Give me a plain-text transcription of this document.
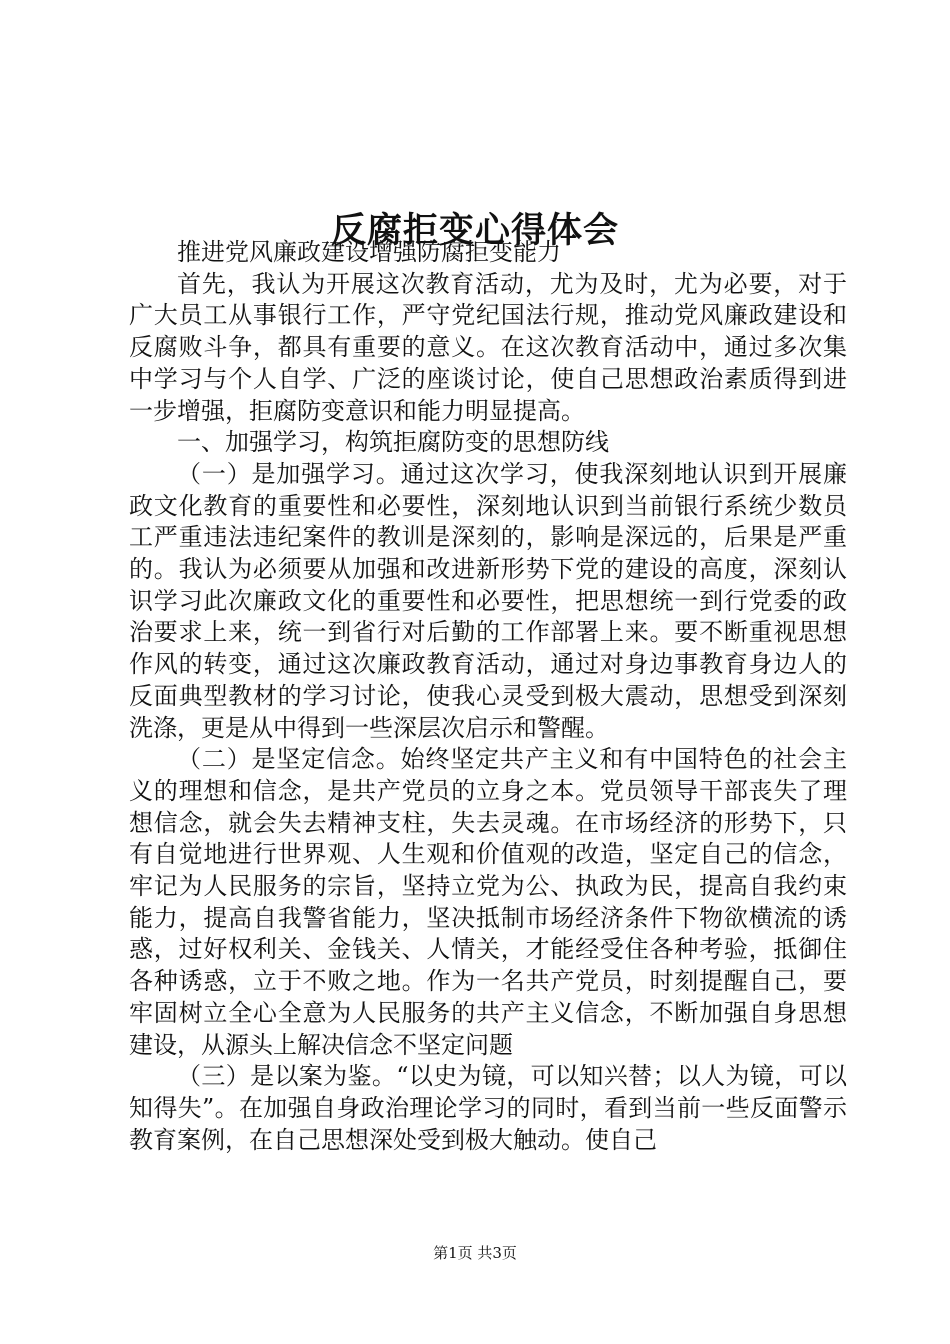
反腐拒变心得体会

推进党风廉政建设增强防腐拒变能力

首先，我认为开展这次教育活动，尤为及时，尤为必要，对于广大员工从事银行工作，严守党纪国法行规，推动党风廉政建设和反腐败斗争，都具有重要的意义。在这次教育活动中，通过多次集中学习与个人自学、广泛的座谈讨论，使自己思想政治素质得到进一步增强，拒腐防变意识和能力明显提高。

一、加强学习，构筑拒腐防变的思想防线

（一）是加强学习。通过这次学习，使我深刻地认识到开展廉政文化教育的重要性和必要性，深刻地认识到当前银行系统少数员工严重违法违纪案件的教训是深刻的，影响是深远的，后果是严重的。我认为必须要从加强和改进新形势下党的建设的高度，深刻认识学习此次廉政文化的重要性和必要性，把思想统一到行党委的政治要求上来，统一到省行对后勤的工作部署上来。要不断重视思想作风的转变，通过这次廉政教育活动，通过对身边事教育身边人的反面典型教材的学习讨论，使我心灵受到极大震动，思想受到深刻洗涤，更是从中得到一些深层次启示和警醒。

（二）是坚定信念。始终坚定共产主义和有中国特色的社会主义的理想和信念，是共产党员的立身之本。党员领导干部丧失了理想信念，就会失去精神支柱，失去灵魂。在市场经济的形势下，只有自觉地进行世界观、人生观和价值观的改造，坚定自己的信念，牢记为人民服务的宗旨，坚持立党为公、执政为民，提高自我约束能力，提高自我警省能力，坚决抵制市场经济条件下物欲横流的诱惑，过好权利关、金钱关、人情关，才能经受住各种考验，抵御住各种诱惑，立于不败之地。作为一名共产党员，时刻提醒自己，要牢固树立全心全意为人民服务的共产主义信念，不断加强自身思想建设，从源头上解决信念不坚定问题

（三）是以案为鉴。“以史为镜，可以知兴替；以人为镜，可以知得失”。在加强自身政治理论学习的同时，看到当前一些反面警示教育案例，在自己思想深处受到极大触动。使自己

第1页 共3页
